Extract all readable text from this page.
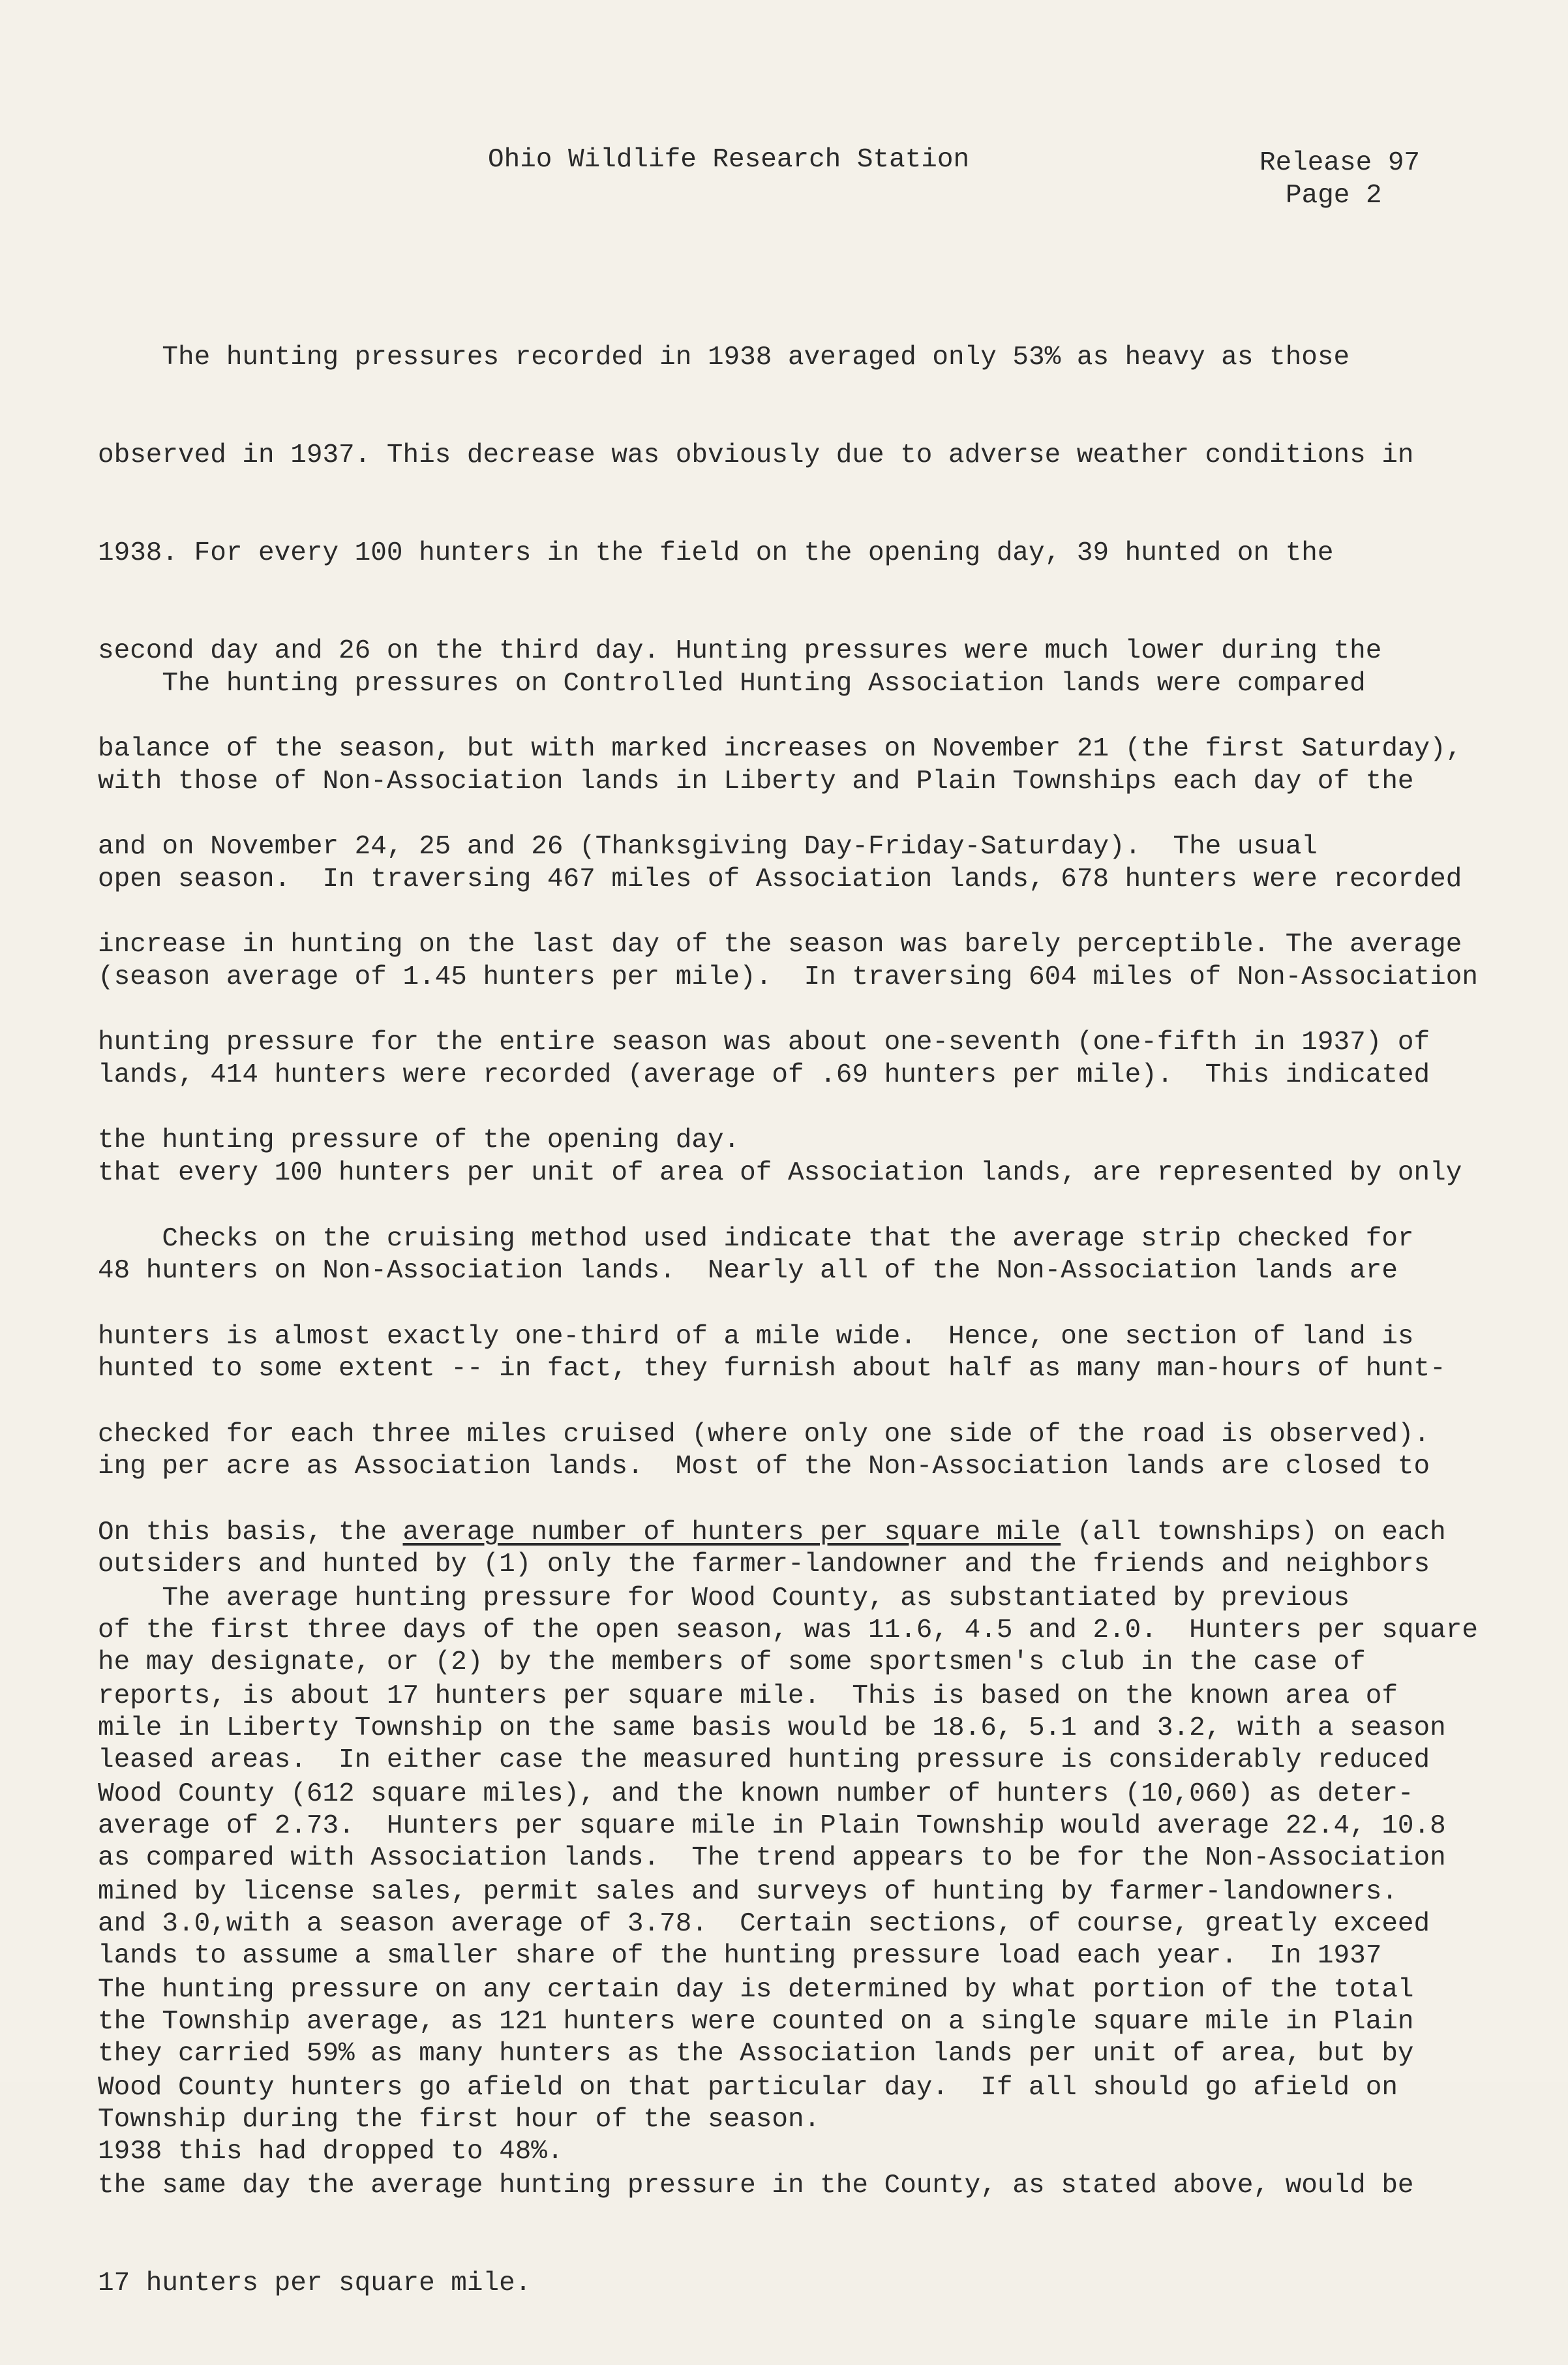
Ohio Wildlife Research Station	Release 97
Page 2

The hunting pressures recorded in 1938 averaged only 53% as heavy as those

observed in 1937. This decrease was obviously due to adverse weather conditions in

1938. For every 100 hunters in the field on the opening day, 39 hunted on the

second day and 26 on the third day. Hunting pressures were much lower during the

balance of the season, but with marked increases on November 21 (the first Saturday),

and on November 24, 25 and 26 (Thanksgiving Day-Friday-Saturday).  The usual

increase in hunting on the last day of the season was barely perceptible. The average

hunting pressure for the entire season was about one-seventh (one-fifth in 1937) of

the hunting pressure of the opening day.

The hunting pressures on Controlled Hunting Association lands were compared

with those of Non-Association lands in Liberty and Plain Townships each day of the

open season.  In traversing 467 miles of Association lands, 678 hunters were recorded

(season average of 1.45 hunters per mile).  In traversing 604 miles of Non-Association

lands, 414 hunters were recorded (average of .69 hunters per mile).  This indicated

that every 100 hunters per unit of area of Association lands, are represented by only

48 hunters on Non-Association lands.  Nearly all of the Non-Association lands are

hunted to some extent -- in fact, they furnish about half as many man-hours of hunt-

ing per acre as Association lands.  Most of the Non-Association lands are closed to

outsiders and hunted by (1) only the farmer-landowner and the friends and neighbors

he may designate, or (2) by the members of some sportsmen's club in the case of

leased areas.  In either case the measured hunting pressure is considerably reduced

as compared with Association lands.  The trend appears to be for the Non-Association

lands to assume a smaller share of the hunting pressure load each year.  In 1937

they carried 59% as many hunters as the Association lands per unit of area, but by

1938 this had dropped to 48%.

Checks on the cruising method used indicate that the average strip checked for

hunters is almost exactly one-third of a mile wide.  Hence, one section of land is

checked for each three miles cruised (where only one side of the road is observed).

On this basis, the average number of hunters per square mile (all townships) on each

of the first three days of the open season, was 11.6, 4.5 and 2.0.  Hunters per square

mile in Liberty Township on the same basis would be 18.6, 5.1 and 3.2, with a season

average of 2.73.  Hunters per square mile in Plain Township would average 22.4, 10.8

and 3.0,with a season average of 3.78.  Certain sections, of course, greatly exceed

the Township average, as 121 hunters were counted on a single square mile in Plain

Township during the first hour of the season.

The average hunting pressure for Wood County, as substantiated by previous

reports, is about 17 hunters per square mile.  This is based on the known area of

Wood County (612 square miles), and the known number of hunters (10,060) as deter-

mined by license sales, permit sales and surveys of hunting by farmer-landowners.

The hunting pressure on any certain day is determined by what portion of the total

Wood County hunters go afield on that particular day.  If all should go afield on

the same day the average hunting pressure in the County, as stated above, would be

17 hunters per square mile.
